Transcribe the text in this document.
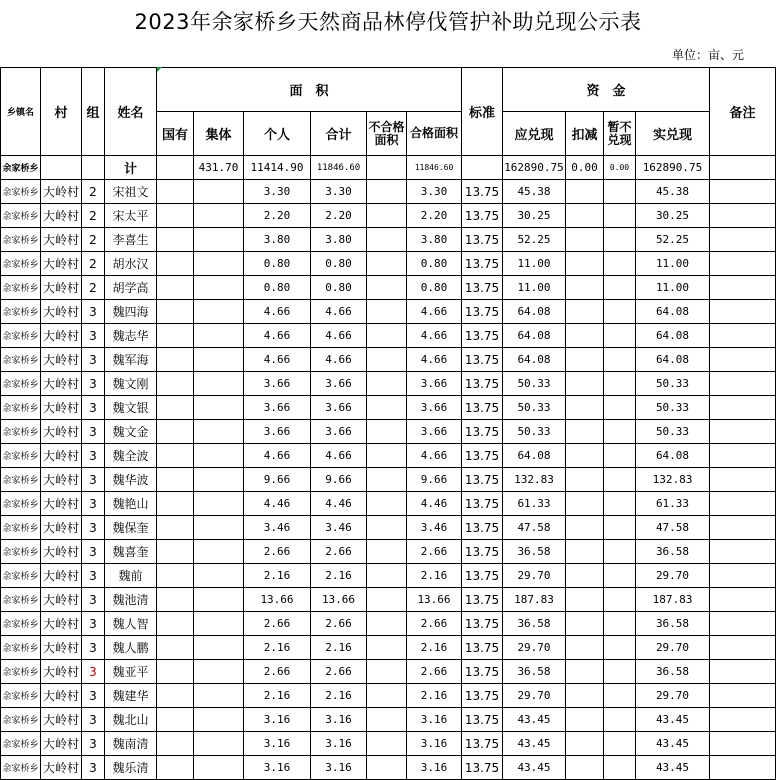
2023年余家桥乡天然商品林停伐管护补助兑现公示表
单位：亩、元
乡镇名	村	组	姓名	面　积						标准	资　金				备注
				国有	集体	个人	合计	不合格面积	合格面积		应兑现	扣减	暂不兑现	实兑现	
余家桥乡			计		431.70	11414.90	11846.60		11846.60		162890.75	0.00	0.00	162890.75	
余家桥乡	大岭村	2	宋祖文			3.30	3.30		3.30	13.75	45.38			45.38	
余家桥乡	大岭村	2	宋太平			2.20	2.20		2.20	13.75	30.25			30.25	
余家桥乡	大岭村	2	李喜生			3.80	3.80		3.80	13.75	52.25			52.25	
余家桥乡	大岭村	2	胡水汉			0.80	0.80		0.80	13.75	11.00			11.00	
余家桥乡	大岭村	2	胡学高			0.80	0.80		0.80	13.75	11.00			11.00	
余家桥乡	大岭村	3	魏四海			4.66	4.66		4.66	13.75	64.08			64.08	
余家桥乡	大岭村	3	魏志华			4.66	4.66		4.66	13.75	64.08			64.08	
余家桥乡	大岭村	3	魏军海			4.66	4.66		4.66	13.75	64.08			64.08	
余家桥乡	大岭村	3	魏文刚			3.66	3.66		3.66	13.75	50.33			50.33	
余家桥乡	大岭村	3	魏文银			3.66	3.66		3.66	13.75	50.33			50.33	
余家桥乡	大岭村	3	魏文金			3.66	3.66		3.66	13.75	50.33			50.33	
余家桥乡	大岭村	3	魏全波			4.66	4.66		4.66	13.75	64.08			64.08	
余家桥乡	大岭村	3	魏华波			9.66	9.66		9.66	13.75	132.83			132.83	
余家桥乡	大岭村	3	魏艳山			4.46	4.46		4.46	13.75	61.33			61.33	
余家桥乡	大岭村	3	魏保奎			3.46	3.46		3.46	13.75	47.58			47.58	
余家桥乡	大岭村	3	魏喜奎			2.66	2.66		2.66	13.75	36.58			36.58	
余家桥乡	大岭村	3	魏前			2.16	2.16		2.16	13.75	29.70			29.70	
余家桥乡	大岭村	3	魏池清			13.66	13.66		13.66	13.75	187.83			187.83	
余家桥乡	大岭村	3	魏人智			2.66	2.66		2.66	13.75	36.58			36.58	
余家桥乡	大岭村	3	魏人鹏			2.16	2.16		2.16	13.75	29.70			29.70	
余家桥乡	大岭村	3	魏亚平			2.66	2.66		2.66	13.75	36.58			36.58	
余家桥乡	大岭村	3	魏建华			2.16	2.16		2.16	13.75	29.70			29.70	
余家桥乡	大岭村	3	魏北山			3.16	3.16		3.16	13.75	43.45			43.45	
余家桥乡	大岭村	3	魏南清			3.16	3.16		3.16	13.75	43.45			43.45	
余家桥乡	大岭村	3	魏乐清			3.16	3.16		3.16	13.75	43.45			43.45	
